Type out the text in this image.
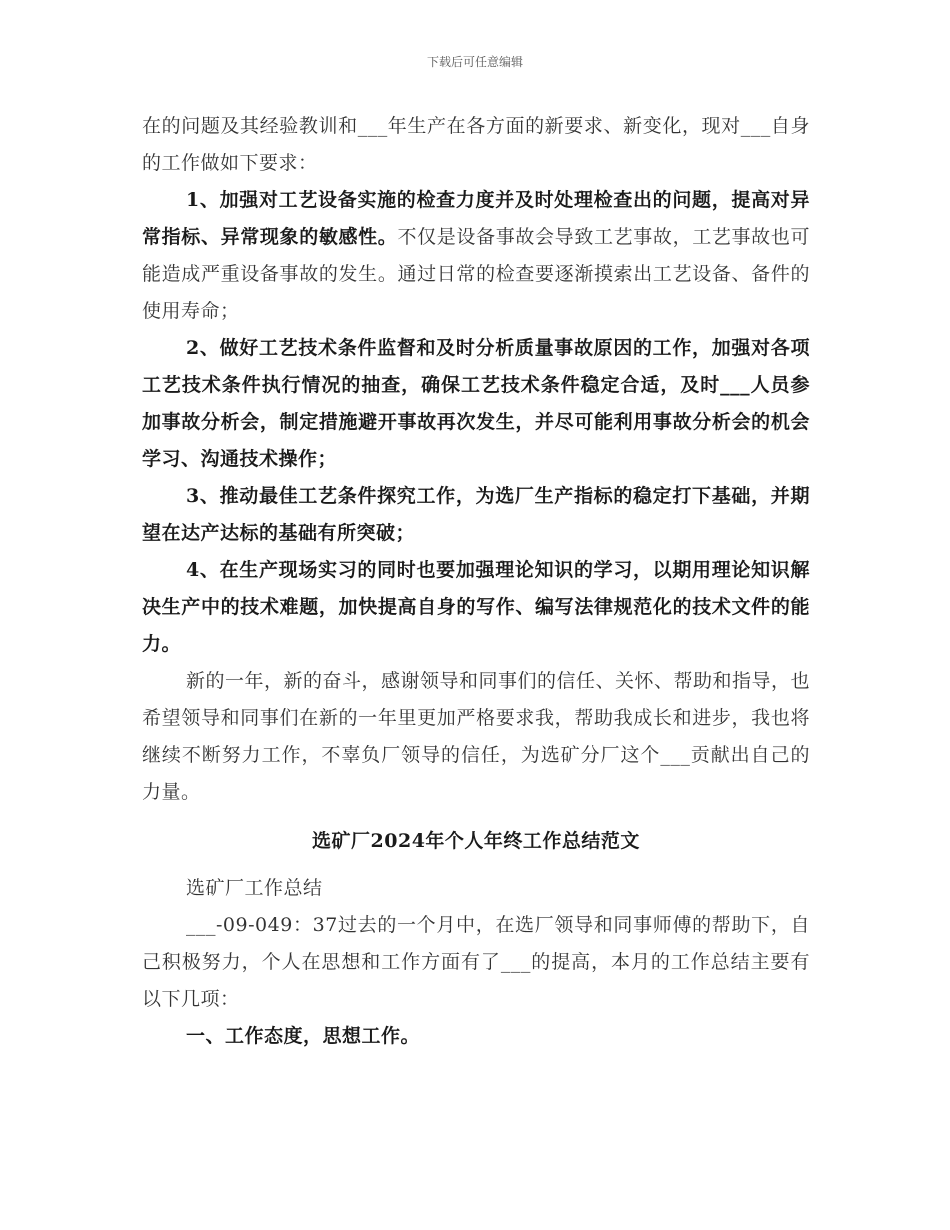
下载后可任意编辑

在的问题及其经验教训和___年生产在各方面的新要求、新变化，现对___自身的工作做如下要求：

1、加强对工艺设备实施的检查力度并及时处理检查出的问题，提高对异常指标、异常现象的敏感性。不仅是设备事故会导致工艺事故，工艺事故也可能造成严重设备事故的发生。通过日常的检查要逐渐摸索出工艺设备、备件的使用寿命；

2、做好工艺技术条件监督和及时分析质量事故原因的工作，加强对各项工艺技术条件执行情况的抽查，确保工艺技术条件稳定合适，及时___人员参加事故分析会，制定措施避开事故再次发生，并尽可能利用事故分析会的机会学习、沟通技术操作；

3、推动最佳工艺条件探究工作，为选厂生产指标的稳定打下基础，并期望在达产达标的基础有所突破；

4、在生产现场实习的同时也要加强理论知识的学习，以期用理论知识解决生产中的技术难题，加快提高自身的写作、编写法律规范化的技术文件的能力。

新的一年，新的奋斗，感谢领导和同事们的信任、关怀、帮助和指导，也希望领导和同事们在新的一年里更加严格要求我，帮助我成长和进步，我也将继续不断努力工作，不辜负厂领导的信任，为选矿分厂这个___贡献出自己的力量。

选矿厂2024年个人年终工作总结范文

选矿厂工作总结

___-09-049：37过去的一个月中，在选厂领导和同事师傅的帮助下，自己积极努力，个人在思想和工作方面有了___的提高，本月的工作总结主要有以下几项：

一、工作态度，思想工作。
